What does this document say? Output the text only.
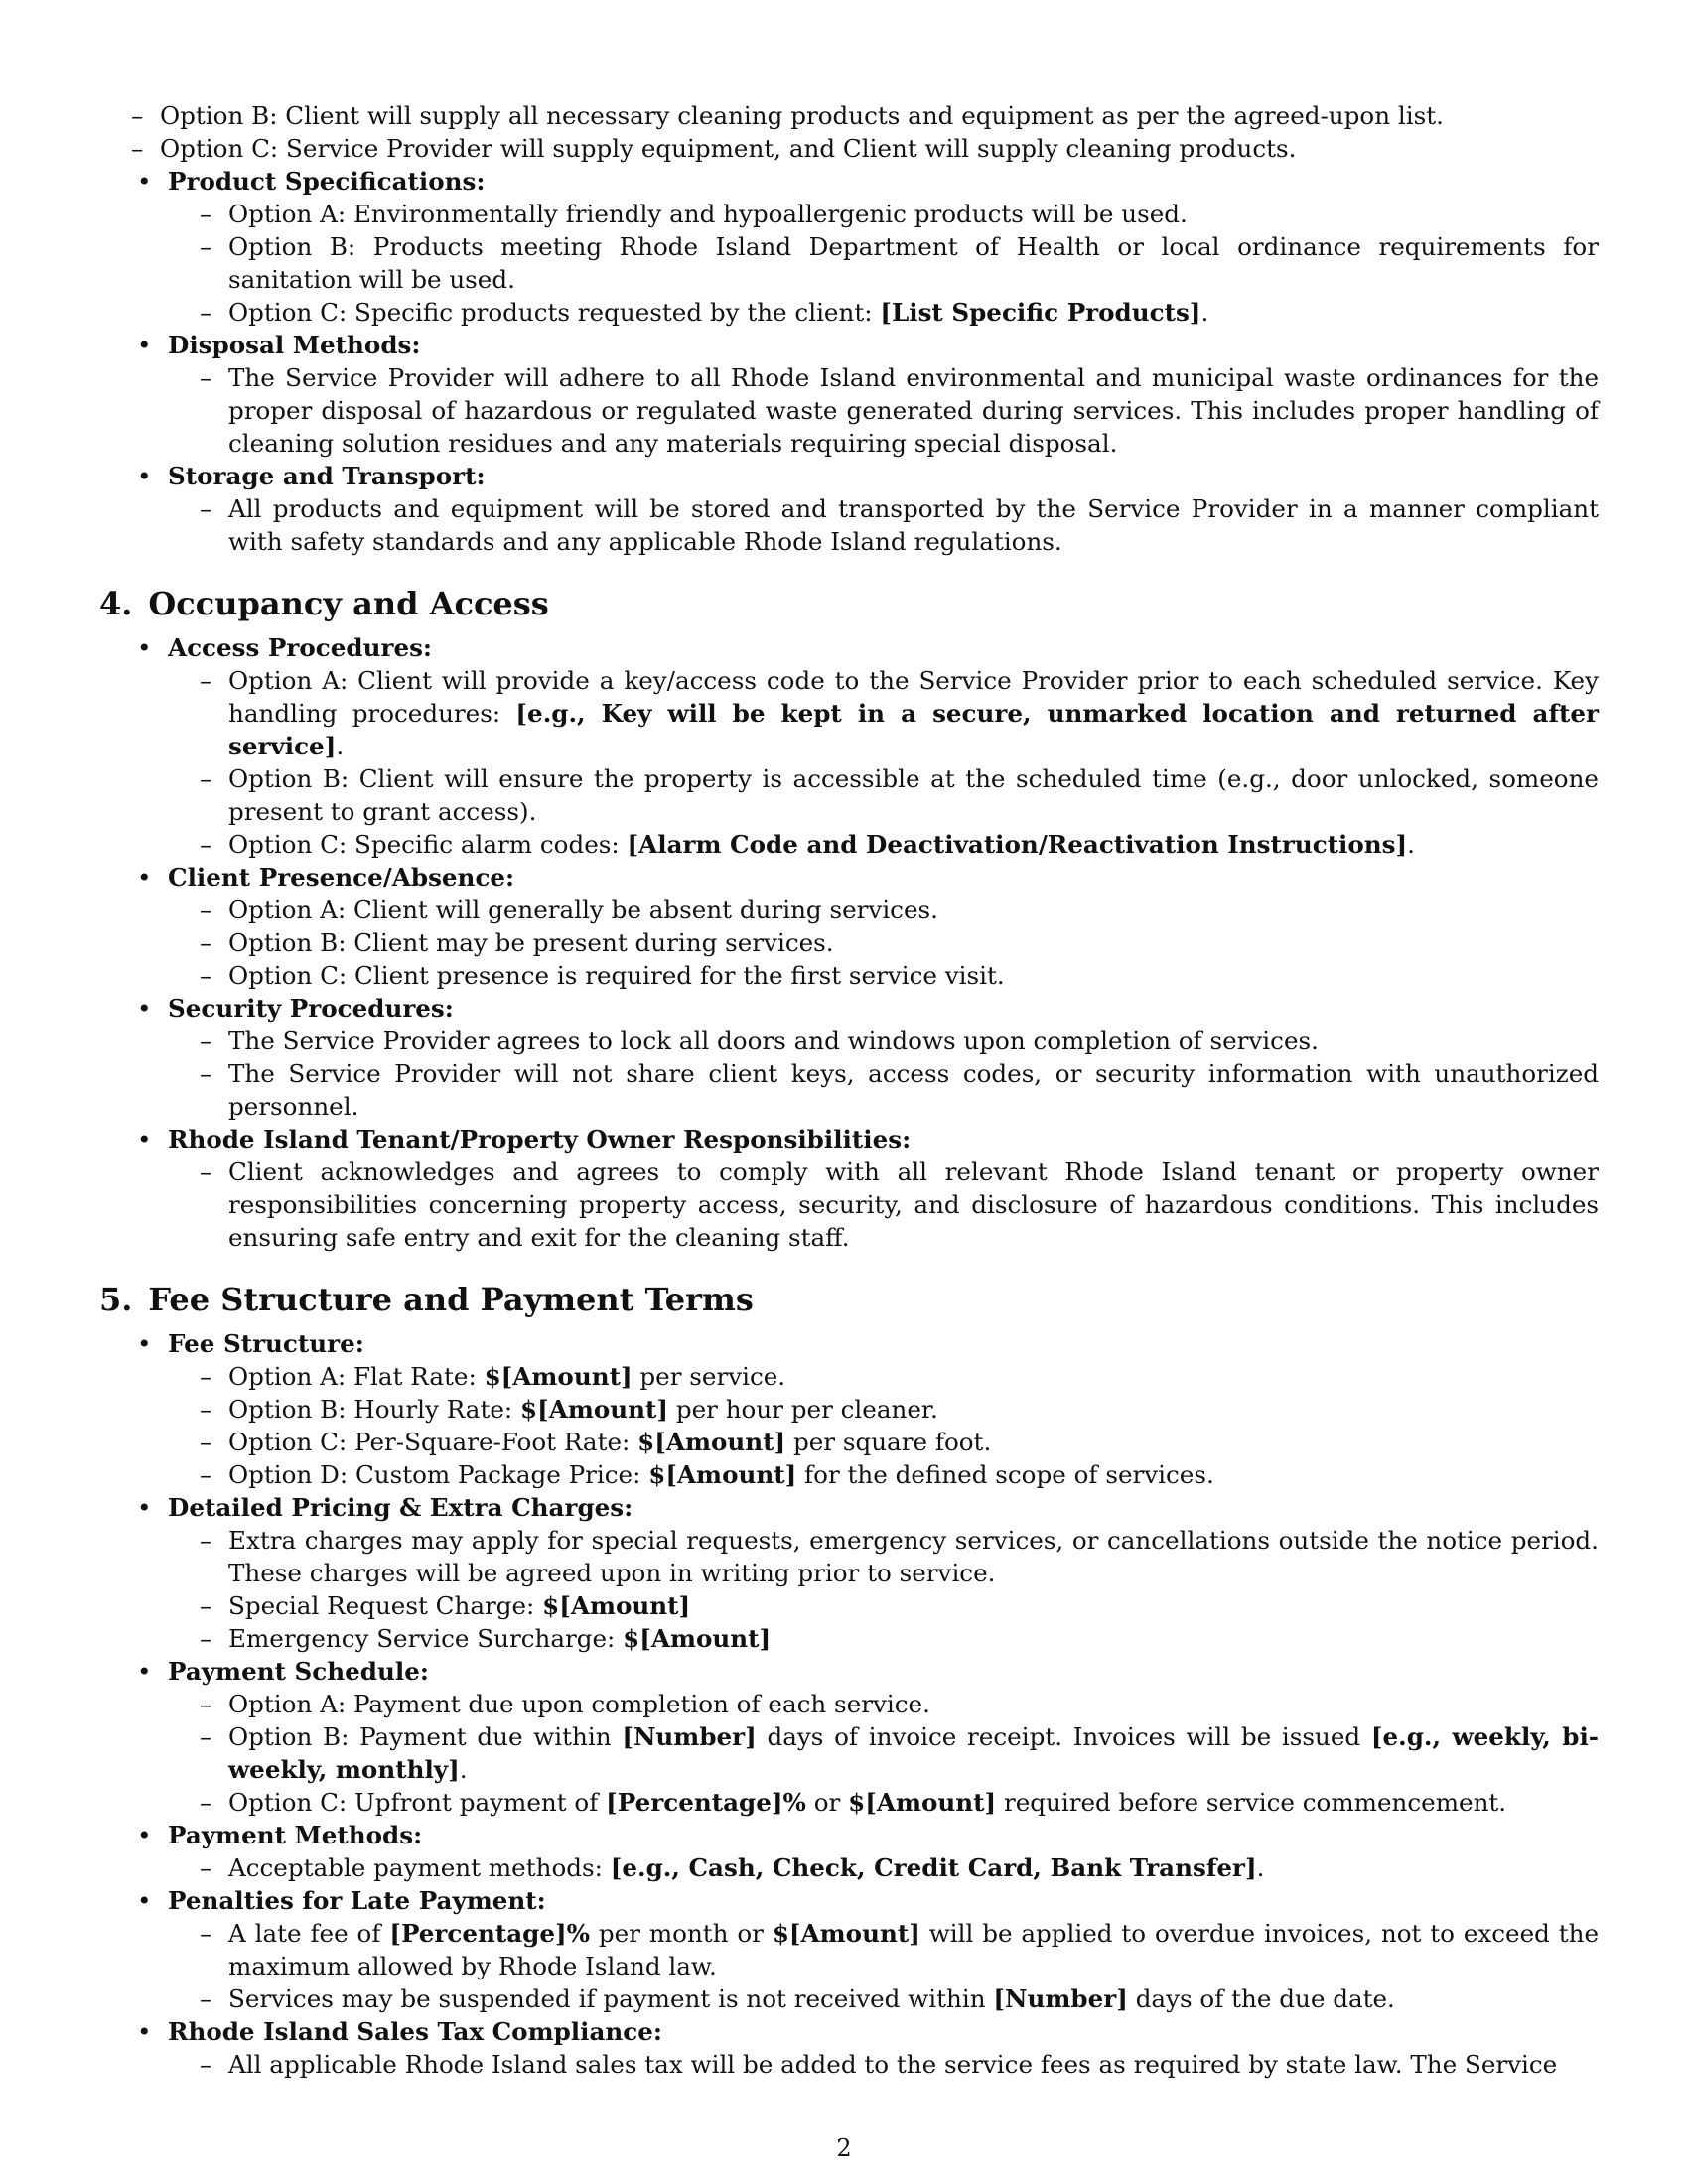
– Option B: Client will supply all necessary cleaning products and equipment as per the agreed-upon list.
– Option C: Service Provider will supply equipment, and Client will supply cleaning products.
• Product Specifications:
– Option A: Environmentally friendly and hypoallergenic products will be used.
– Option B: Products meeting Rhode Island Department of Health or local ordinance requirements for sanitation will be used.
– Option C: Specific products requested by the client: [List Specific Products].
• Disposal Methods:
– The Service Provider will adhere to all Rhode Island environmental and municipal waste ordinances for the proper disposal of hazardous or regulated waste generated during services. This includes proper handling of cleaning solution residues and any materials requiring special disposal.
• Storage and Transport:
– All products and equipment will be stored and transported by the Service Provider in a manner compliant with safety standards and any applicable Rhode Island regulations.
4. Occupancy and Access
• Access Procedures:
– Option A: Client will provide a key/access code to the Service Provider prior to each scheduled service. Key handling procedures: [e.g., Key will be kept in a secure, unmarked location and returned after service].
– Option B: Client will ensure the property is accessible at the scheduled time (e.g., door unlocked, someone present to grant access).
– Option C: Specific alarm codes: [Alarm Code and Deactivation/Reactivation Instructions].
• Client Presence/Absence:
– Option A: Client will generally be absent during services.
– Option B: Client may be present during services.
– Option C: Client presence is required for the first service visit.
• Security Procedures:
– The Service Provider agrees to lock all doors and windows upon completion of services.
– The Service Provider will not share client keys, access codes, or security information with unauthorized personnel.
• Rhode Island Tenant/Property Owner Responsibilities:
– Client acknowledges and agrees to comply with all relevant Rhode Island tenant or property owner responsibilities concerning property access, security, and disclosure of hazardous conditions. This includes ensuring safe entry and exit for the cleaning staff.
5. Fee Structure and Payment Terms
• Fee Structure:
– Option A: Flat Rate: $[Amount] per service.
– Option B: Hourly Rate: $[Amount] per hour per cleaner.
– Option C: Per-Square-Foot Rate: $[Amount] per square foot.
– Option D: Custom Package Price: $[Amount] for the defined scope of services.
• Detailed Pricing & Extra Charges:
– Extra charges may apply for special requests, emergency services, or cancellations outside the notice period. These charges will be agreed upon in writing prior to service.
– Special Request Charge: $[Amount]
– Emergency Service Surcharge: $[Amount]
• Payment Schedule:
– Option A: Payment due upon completion of each service.
– Option B: Payment due within [Number] days of invoice receipt. Invoices will be issued [e.g., weekly, bi-weekly, monthly].
– Option C: Upfront payment of [Percentage]% or $[Amount] required before service commencement.
• Payment Methods:
– Acceptable payment methods: [e.g., Cash, Check, Credit Card, Bank Transfer].
• Penalties for Late Payment:
– A late fee of [Percentage]% per month or $[Amount] will be applied to overdue invoices, not to exceed the maximum allowed by Rhode Island law.
– Services may be suspended if payment is not received within [Number] days of the due date.
• Rhode Island Sales Tax Compliance:
– All applicable Rhode Island sales tax will be added to the service fees as required by state law. The Service
2
